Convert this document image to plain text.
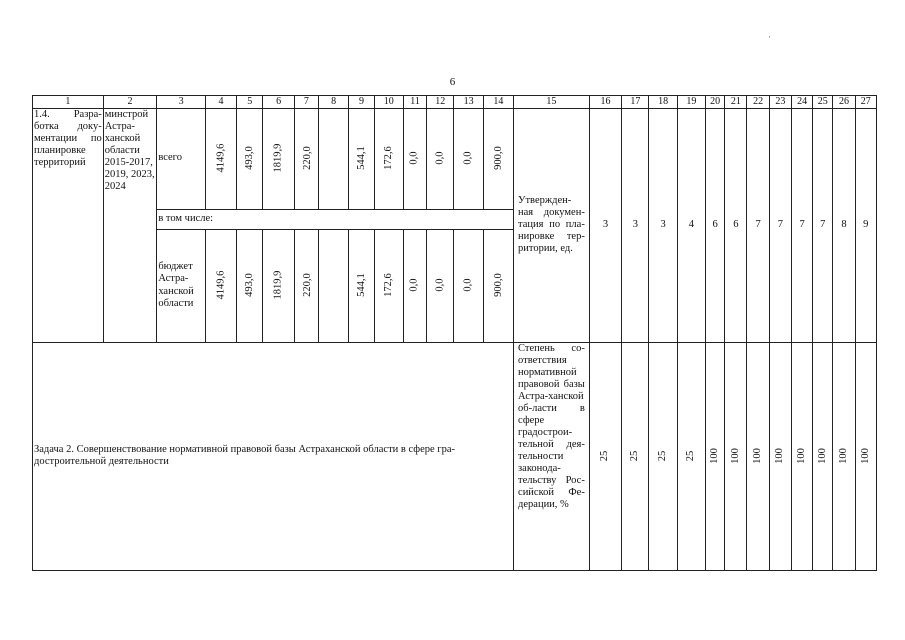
·
6
1	2	3	4	5	6	7	8	9	10	11	12	13	14	15	16	17	18	19	20	21	22	23	24	25	26	27
1.4. Разра-ботка доку-ментации по планировке территорий	минстрой Астра-ханской области 2015-2017, 2019, 2023, 2024	всего	4149,6	493,0	1819,9	220,0		544,1	172,6	0,0	0,0	0,0	900,0	Утвержден-ная докумен-тация по пла-нировке тер-ритории, ед.	3	3	3	4	6	6	7	7	7	7	8	9
		в том числе:																								
		бюджет Астра-ханской области	4149,6	493,0	1819,9	220,0		544,1	172,6	0,0	0,0	0,0	900,0													
Задача 2. Совершенствование нормативной правовой базы Астраханской области в сфере гра-достроительной деятельности														Степень со-ответствия нормативной правовой базы Астра-ханской об-ласти в сфере градострои-тельной дея-тельности законода-тельству Рос-сийской Фе-дерации, %	25	25	25	25	100	100	100	100	100	100	100	100
